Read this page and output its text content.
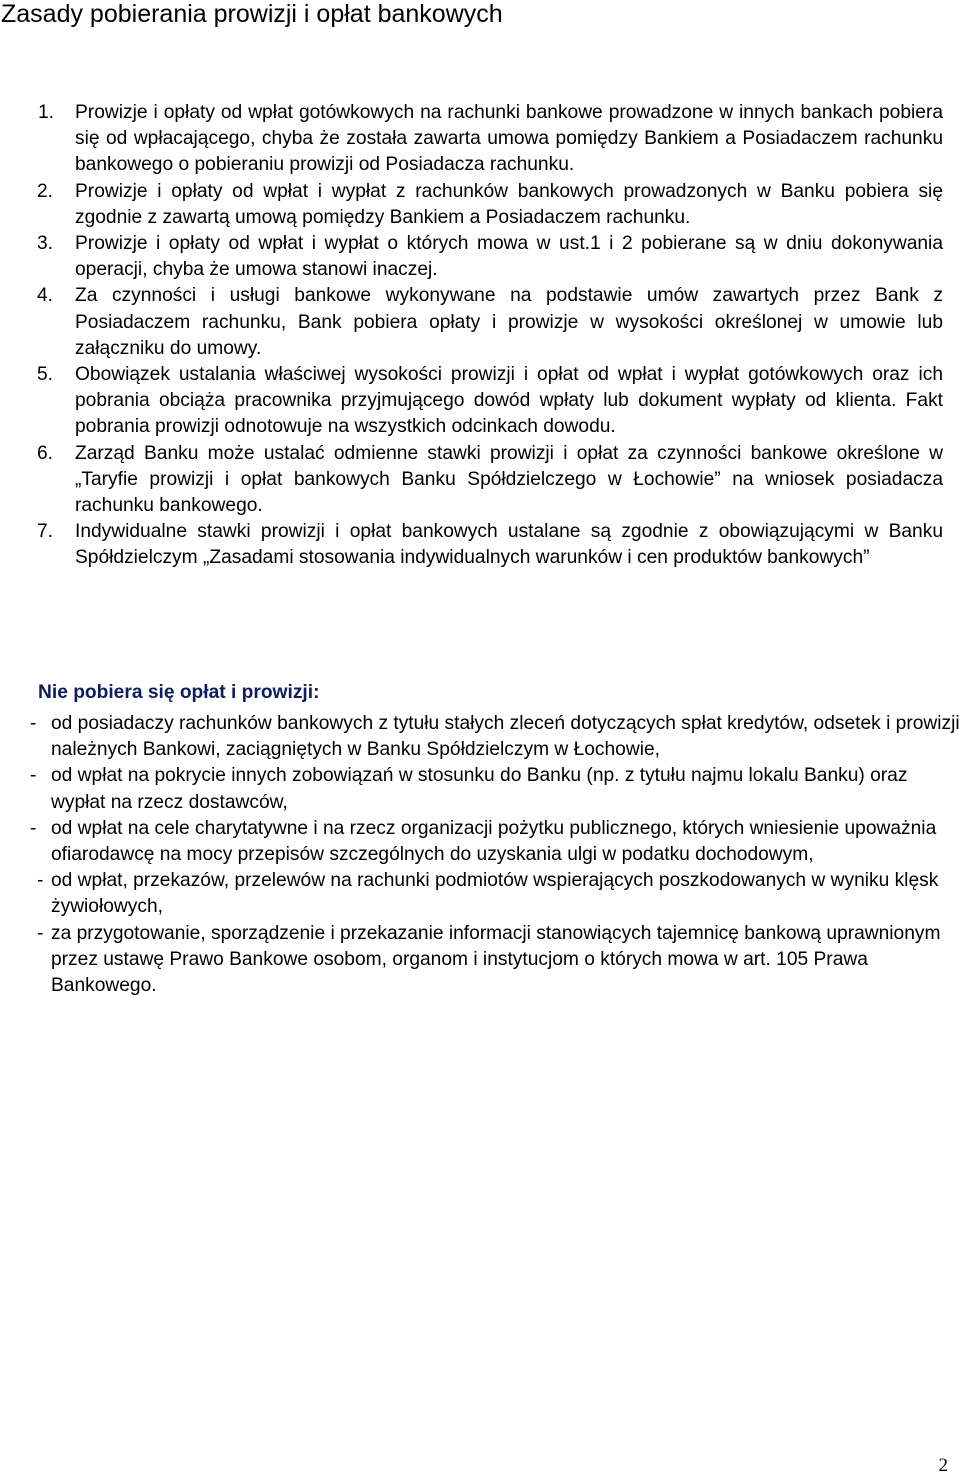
Zasady pobierania prowizji i opłat bankowych
1. Prowizje i opłaty od wpłat gotówkowych na rachunki bankowe prowadzone w innych bankach pobiera się od wpłacającego, chyba że została zawarta umowa pomiędzy Bankiem a Posiadaczem rachunku bankowego o pobieraniu prowizji od Posiadacza rachunku.
2. Prowizje i opłaty od wpłat i wypłat z rachunków bankowych prowadzonych w Banku pobiera się zgodnie z zawartą umową pomiędzy Bankiem a Posiadaczem rachunku.
3. Prowizje i opłaty od wpłat i wypłat o których mowa w ust.1 i 2 pobierane są w dniu dokonywania operacji, chyba że umowa stanowi inaczej.
4. Za czynności i usługi bankowe wykonywane na podstawie umów zawartych przez Bank z Posiadaczem rachunku, Bank pobiera opłaty i prowizje w wysokości określonej w umowie lub załączniku do umowy.
5. Obowiązek ustalania właściwej wysokości prowizji i opłat od wpłat i wypłat gotówkowych oraz ich pobrania obciąża pracownika przyjmującego dowód wpłaty lub dokument wypłaty od klienta. Fakt pobrania prowizji odnotowuje na wszystkich odcinkach dowodu.
6. Zarząd Banku może ustalać odmienne stawki prowizji i opłat za czynności bankowe określone w „Taryfie prowizji i opłat bankowych Banku Spółdzielczego w Łochowie” na wniosek posiadacza rachunku bankowego.
7. Indywidualne stawki prowizji i opłat bankowych ustalane są zgodnie z obowiązującymi w Banku Spółdzielczym „Zasadami stosowania indywidualnych warunków i cen produktów bankowych”
Nie pobiera się opłat i prowizji:
- od posiadaczy rachunków bankowych z tytułu stałych zleceń dotyczących spłat kredytów, odsetek i prowizji należnych Bankowi, zaciągniętych w Banku Spółdzielczym w Łochowie,
- od wpłat na pokrycie innych zobowiązań w stosunku do Banku (np. z tytułu najmu lokalu Banku) oraz wypłat na rzecz dostawców,
- od wpłat na cele charytatywne i na rzecz organizacji pożytku publicznego, których wniesienie upoważnia ofiarodawcę na mocy przepisów szczególnych do uzyskania ulgi w podatku dochodowym,
- od wpłat, przekazów, przelewów na rachunki podmiotów wspierających poszkodowanych w wyniku klęsk żywiołowych,
- za przygotowanie, sporządzenie i przekazanie informacji stanowiących tajemnicę bankową uprawnionym przez ustawę Prawo Bankowe osobom, organom i instytucjom o których mowa w art. 105 Prawa Bankowego.
2
